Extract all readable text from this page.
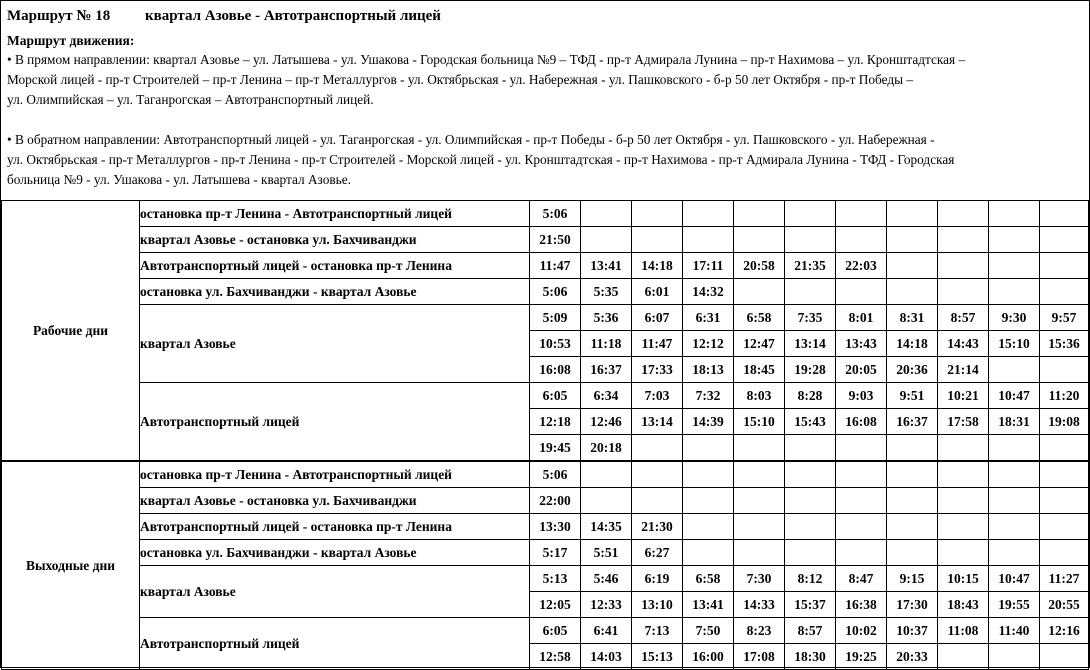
Маршрут № 18 квартал Азовье - Автотранспортный лицей
Маршрут движения:
• В прямом направлении: квартал Азовье – ул. Латышева - ул. Ушакова - Городская больница №9 – ТФД - пр-т Адмирала Лунина – пр-т Нахимова – ул. Кронштадтская –
Морской лицей - пр-т Строителей – пр-т Ленина – пр-т Металлургов - ул. Октябрьская - ул. Набережная - ул. Пашковского - б-р 50 лет Октября - пр-т Победы –
ул. Олимпийская – ул. Таганрогская – Автотранспортный лицей.
• В обратном направлении: Автотранспортный лицей - ул. Таганрогская - ул. Олимпийская - пр-т Победы - б-р 50 лет Октября - ул. Пашковского - ул. Набережная -
ул. Октябрьская - пр-т Металлургов - пр-т Ленина - пр-т Строителей - Морской лицей - ул. Кронштадтская - пр-т Нахимова - пр-т Адмирала Лунина - ТФД - Городская
больница №9 - ул. Ушакова - ул. Латышева - квартал Азовье.
Рабочие дни	остановка пр-т Ленина - Автотранспортный лицей	5:06										
	квартал Азовье - остановка ул. Бахчиванджи	21:50										
	Автотранспортный лицей - остановка пр-т Ленина	11:47	13:41	14:18	17:11	20:58	21:35	22:03				
	остановка ул. Бахчиванджи - квартал Азовье	5:06	5:35	6:01	14:32							
	квартал Азовье	5:09	5:36	6:07	6:31	6:58	7:35	8:01	8:31	8:57	9:30	9:57
		10:53	11:18	11:47	12:12	12:47	13:14	13:43	14:18	14:43	15:10	15:36
		16:08	16:37	17:33	18:13	18:45	19:28	20:05	20:36	21:14		
	Автотранспортный лицей	6:05	6:34	7:03	7:32	8:03	8:28	9:03	9:51	10:21	10:47	11:20
		12:18	12:46	13:14	14:39	15:10	15:43	16:08	16:37	17:58	18:31	19:08
		19:45	20:18									
Выходные дни	остановка пр-т Ленина - Автотранспортный лицей	5:06										
	квартал Азовье - остановка ул. Бахчиванджи	22:00										
	Автотранспортный лицей - остановка пр-т Ленина	13:30	14:35	21:30								
	остановка ул. Бахчиванджи - квартал Азовье	5:17	5:51	6:27								
	квартал Азовье	5:13	5:46	6:19	6:58	7:30	8:12	8:47	9:15	10:15	10:47	11:27
		12:05	12:33	13:10	13:41	14:33	15:37	16:38	17:30	18:43	19:55	20:55
	Автотранспортный лицей	6:05	6:41	7:13	7:50	8:23	8:57	10:02	10:37	11:08	11:40	12:16
		12:58	14:03	15:13	16:00	17:08	18:30	19:25	20:33			
